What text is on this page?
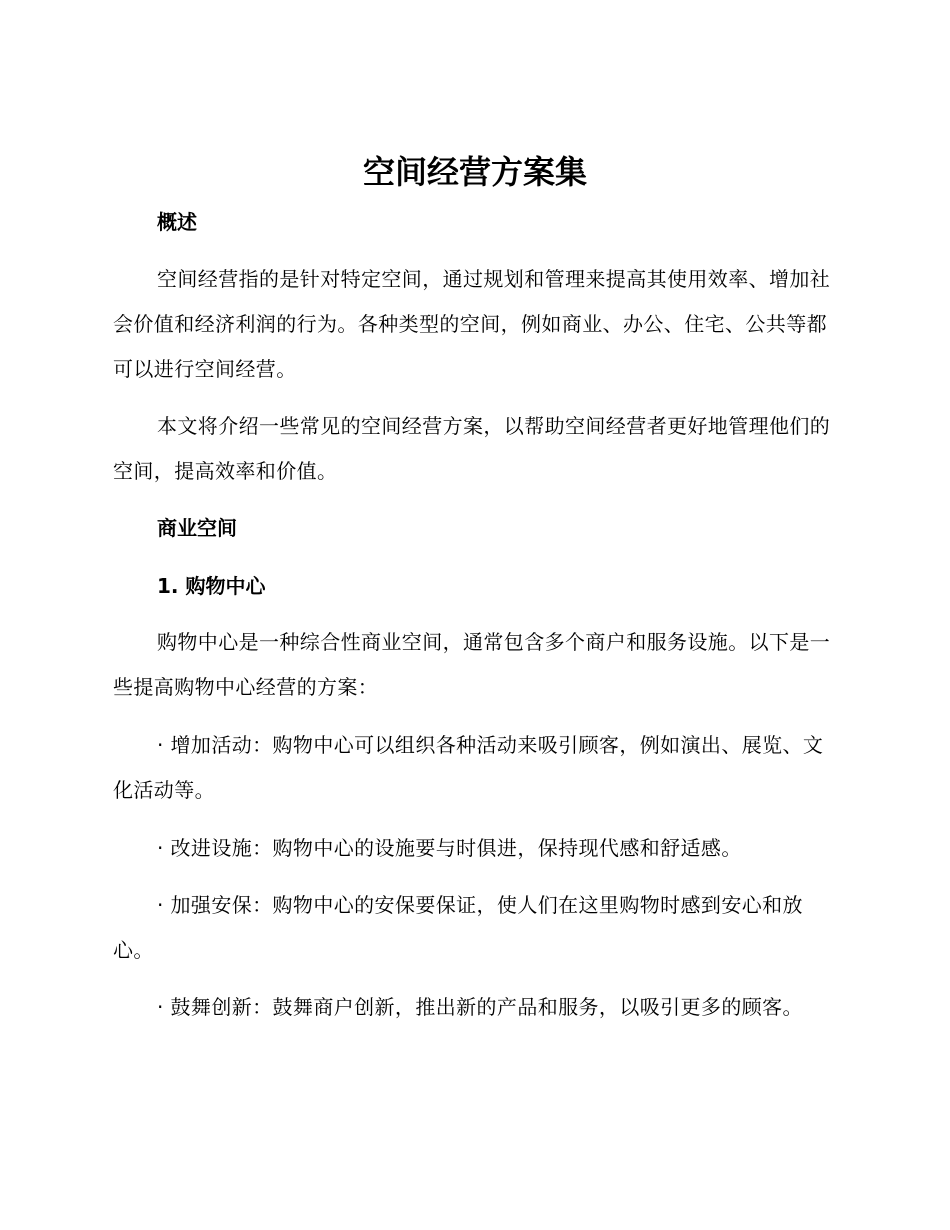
空间经营方案集
概述

空间经营指的是针对特定空间，通过规划和管理来提高其使用效率、增加社会价值和经济利润的行为。各种类型的空间，例如商业、办公、住宅、公共等都可以进行空间经营。

本文将介绍一些常见的空间经营方案，以帮助空间经营者更好地管理他们的空间，提高效率和价值。

商业空间
1. 购物中心

购物中心是一种综合性商业空间，通常包含多个商户和服务设施。以下是一些提高购物中心经营的方案：

· 增加活动：购物中心可以组织各种活动来吸引顾客，例如演出、展览、文化活动等。

· 改进设施：购物中心的设施要与时俱进，保持现代感和舒适感。

· 加强安保：购物中心的安保要保证，使人们在这里购物时感到安心和放心。

· 鼓舞创新：鼓舞商户创新，推出新的产品和服务，以吸引更多的顾客。
